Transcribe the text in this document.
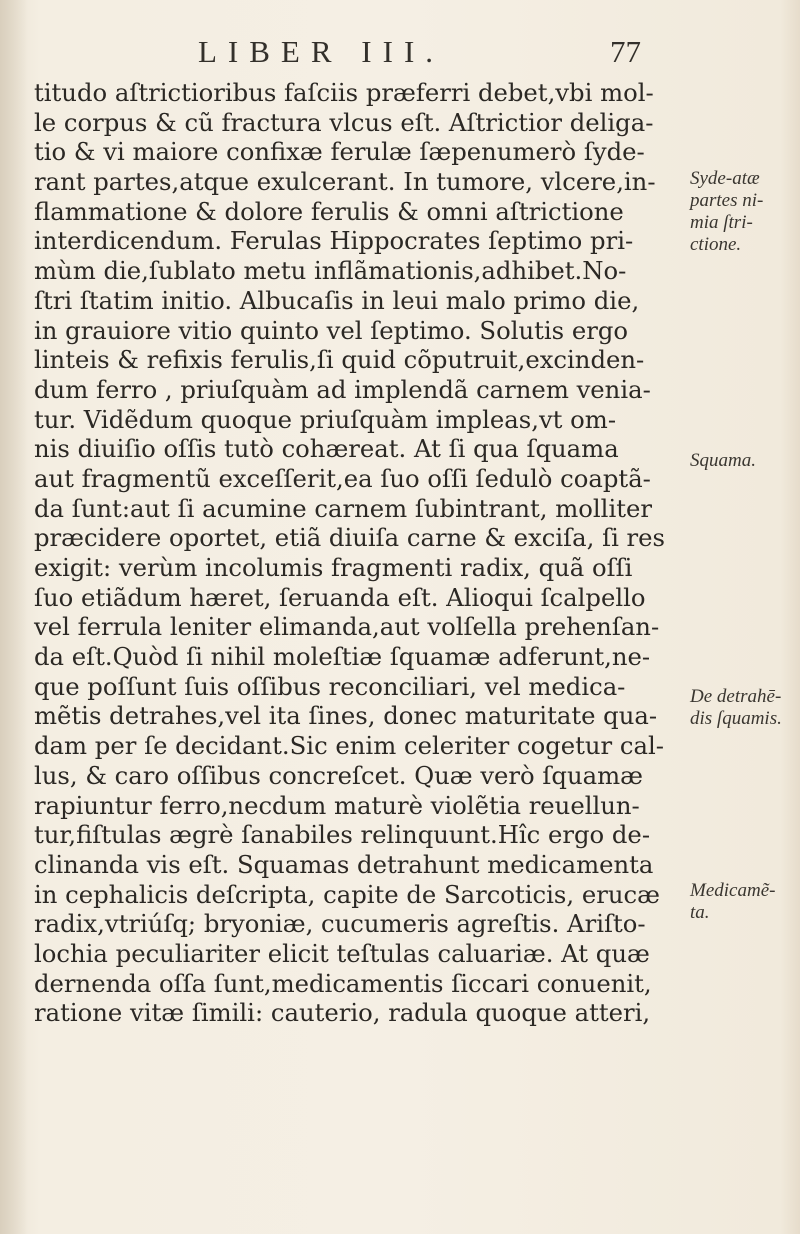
LIBER III.	77
titudo aſtrictioribus faſciis præferri debet,vbi mol-
le corpus & cũ fractura vlcus eſt. Aſtrictior deliga-
tio & vi maiore confixæ ferulæ ſæpenumerò ſyde-
rant partes,atque exulcerant. In tumore, vlcere,in-
flammatione & dolore ferulis & omni aſtrictione
interdicendum. Ferulas Hippocrates ſeptimo pri-
mùm die,ſublato metu inflãmationis,adhibet.No-
ſtri ſtatim initio. Albucaſis in leui malo primo die,
in grauiore vitio quinto vel ſeptimo. Solutis ergo
linteis & refixis ferulis,ſi quid cõputruit,excinden-
dum ferro , priuſquàm ad implendã carnem venia-
tur. Vidẽdum quoque priuſquàm impleas,vt om-
nis diuiſio oſſis tutò cohæreat. At ſi qua ſquama
aut fragmentũ exceſſerit,ea ſuo oſſi ſedulò coaptã-
da ſunt:aut ſi acumine carnem ſubintrant, molliter
præcidere oportet, etiã diuiſa carne & exciſa, ſi res
exigit: verùm incolumis fragmenti radix, quã oſſi
ſuo etiãdum hæret, ſeruanda eſt. Alioqui ſcalpello
vel ferrula leniter elimanda,aut volſella prehenſan-
da eſt.Quòd ſi nihil moleſtiæ ſquamæ adferunt,ne-
que poſſunt ſuis oſſibus reconciliari, vel medica-
mẽtis detrahes,vel ita ſines, donec maturitate qua-
dam per ſe decidant.Sic enim celeriter cogetur cal-
lus, & caro oſſibus concreſcet. Quæ verò ſquamæ
rapiuntur ferro,necdum maturè violẽtia reuellun-
tur,fiſtulas ægrè ſanabiles relinquunt.Hîc ergo de-
clinanda vis eſt. Squamas detrahunt medicamenta
in cephalicis deſcripta, capite de Sarcoticis, erucæ
radix,vtriúſq; bryoniæ, cucumeris agreſtis. Ariſto-
lochia peculiariter elicit teſtulas caluariæ. At quæ
dernenda oſſa ſunt,medicamentis ſiccari conuenit,
ratione vitæ ſimili: cauterio, radula quoque atteri,
Syde-atæ
partes ni-
mia ſtri-
ctione.
Squama.
De detrahē-
dis ſquamis.
Medicamẽ-
ta.
